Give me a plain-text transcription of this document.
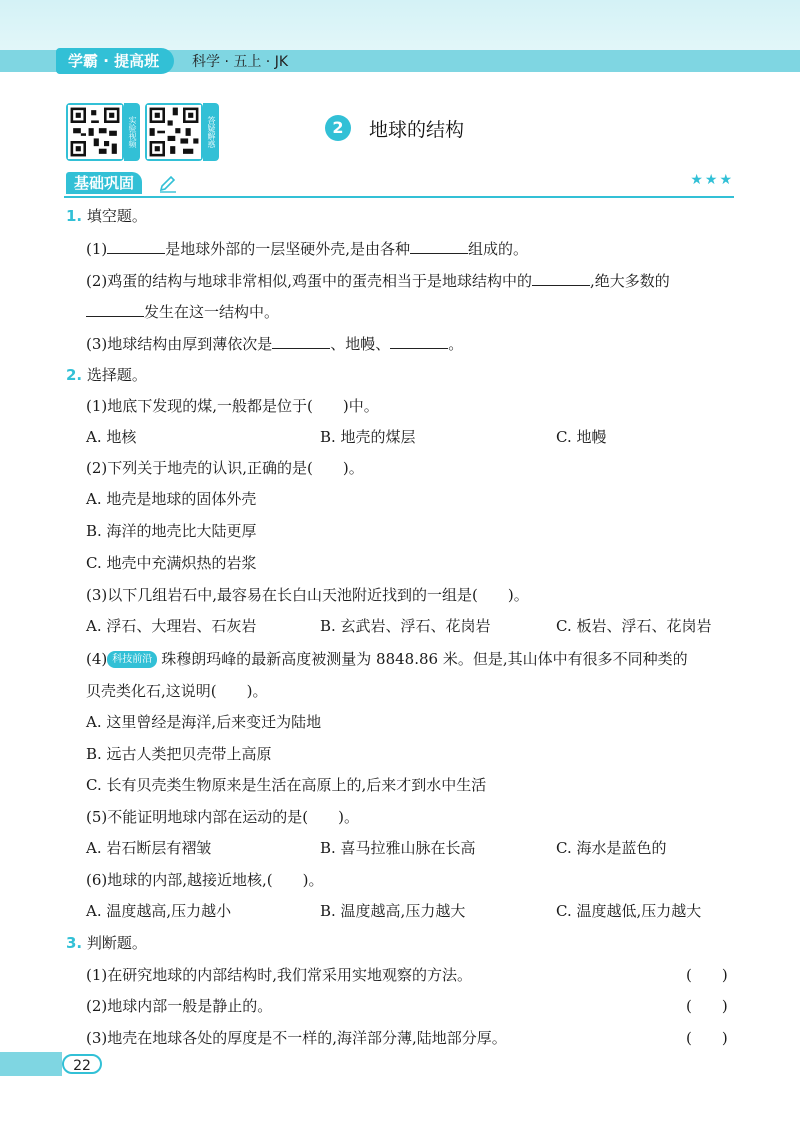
学霸 · 提高班	科学 · 五上 · JK
实验视频	答疑解惑	2	地球的结构
基础巩固	★★★
1. 填空题。
(1)	是地球外部的一层坚硬外壳,是由各种	组成的。
(2)鸡蛋的结构与地球非常相似,鸡蛋中的蛋壳相当于是地球结构中的	,绝大多数的
发生在这一结构中。
(3)地球结构由厚到薄依次是	、地幔、	。
2. 选择题。
(1)地底下发现的煤,一般都是位于(　　)中。
A. 地核	B. 地壳的煤层	C. 地幔
(2)下列关于地壳的认识,正确的是(　　)。
A. 地壳是地球的固体外壳
B. 海洋的地壳比大陆更厚
C. 地壳中充满炽热的岩浆
(3)以下几组岩石中,最容易在长白山天池附近找到的一组是(　　)。
A. 浮石、大理岩、石灰岩	B. 玄武岩、浮石、花岗岩	C. 板岩、浮石、花岗岩
(4) 科技前沿 珠穆朗玛峰的最新高度被测量为 8848.86 米。但是,其山体中有很多不同种类的
贝壳类化石,这说明(　　)。
A. 这里曾经是海洋,后来变迁为陆地
B. 远古人类把贝壳带上高原
C. 长有贝壳类生物原来是生活在高原上的,后来才到水中生活
(5)不能证明地球内部在运动的是(　　)。
A. 岩石断层有褶皱	B. 喜马拉雅山脉在长高	C. 海水是蓝色的
(6)地球的内部,越接近地核,(　　)。
A. 温度越高,压力越小	B. 温度越高,压力越大	C. 温度越低,压力越大
3. 判断题。
(1)在研究地球的内部结构时,我们常采用实地观察的方法。	(　　)
(2)地球内部一般是静止的。	(　　)
(3)地壳在地球各处的厚度是不一样的,海洋部分薄,陆地部分厚。	(　　)
22
